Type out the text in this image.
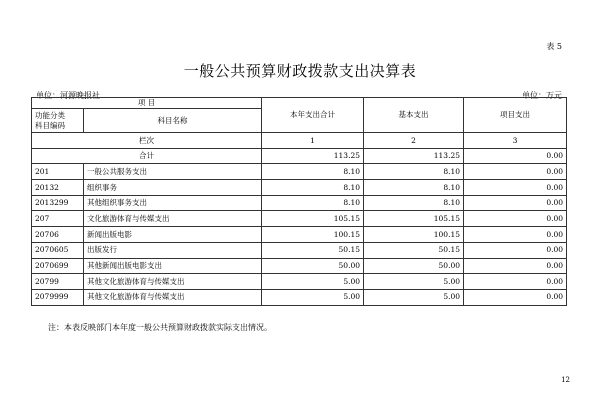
表 5
一般公共预算财政拨款支出决算表
单位：河源晚报社	单位：万元
项 目		本年支出合计	基本支出	项目支出
功能分类
科目编码	科目名称			
栏次		1	2	3
合计		113.25	113.25	0.00
201	一般公共服务支出	8.10	8.10	0.00
20132	组织事务	8.10	8.10	0.00
2013299	其他组织事务支出	8.10	8.10	0.00
207	文化旅游体育与传媒支出	105.15	105.15	0.00
20706	新闻出版电影	100.15	100.15	0.00
2070605	出版发行	50.15	50.15	0.00
2070699	其他新闻出版电影支出	50.00	50.00	0.00
20799	其他文化旅游体育与传媒支出	5.00	5.00	0.00
2079999	其他文化旅游体育与传媒支出	5.00	5.00	0.00
注：本表反映部门本年度一般公共预算财政拨款实际支出情况。
12
